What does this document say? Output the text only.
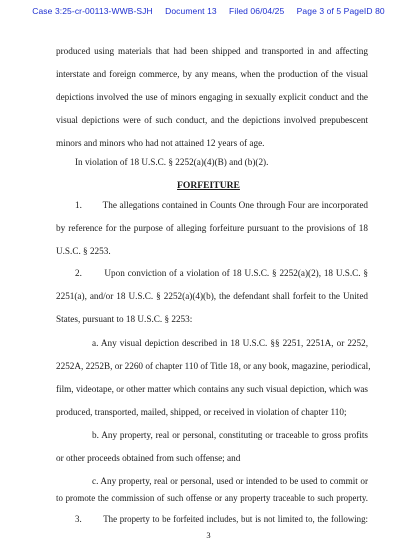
Case 3:25-cr-00113-WWB-SJH Document 13 Filed 06/04/25 Page 3 of 5 PageID 80
produced using materials that had been shipped and transported in and affecting
interstate and foreign commerce, by any means, when the production of the visual
depictions involved the use of minors engaging in sexually explicit conduct and the
visual depictions were of such conduct, and the depictions involved prepubescent
minors and minors who had not attained 12 years of age.
In violation of 18 U.S.C. § 2252(a)(4)(B) and (b)(2).
FORFEITURE
1.        The allegations contained in Counts One through Four are incorporated
by reference for the purpose of alleging forfeiture pursuant to the provisions of 18
U.S.C. § 2253.
2.        Upon conviction of a violation of 18 U.S.C. § 2252(a)(2), 18 U.S.C. §
2251(a), and/or 18 U.S.C. § 2252(a)(4)(b), the defendant shall forfeit to the United
States, pursuant to 18 U.S.C. § 2253:
a. Any visual depiction described in 18 U.S.C. §§ 2251, 2251A, or 2252,
2252A, 2252B, or 2260 of chapter 110 of Title 18, or any book, magazine, periodical,
film, videotape, or other matter which contains any such visual depiction, which was
produced, transported, mailed, shipped, or received in violation of chapter 110;
b. Any property, real or personal, constituting or traceable to gross profits
or other proceeds obtained from such offense; and
c. Any property, real or personal, used or intended to be used to commit or
to promote the commission of such offense or any property traceable to such property.
3.        The property to be forfeited includes, but is not limited to, the following:
3
